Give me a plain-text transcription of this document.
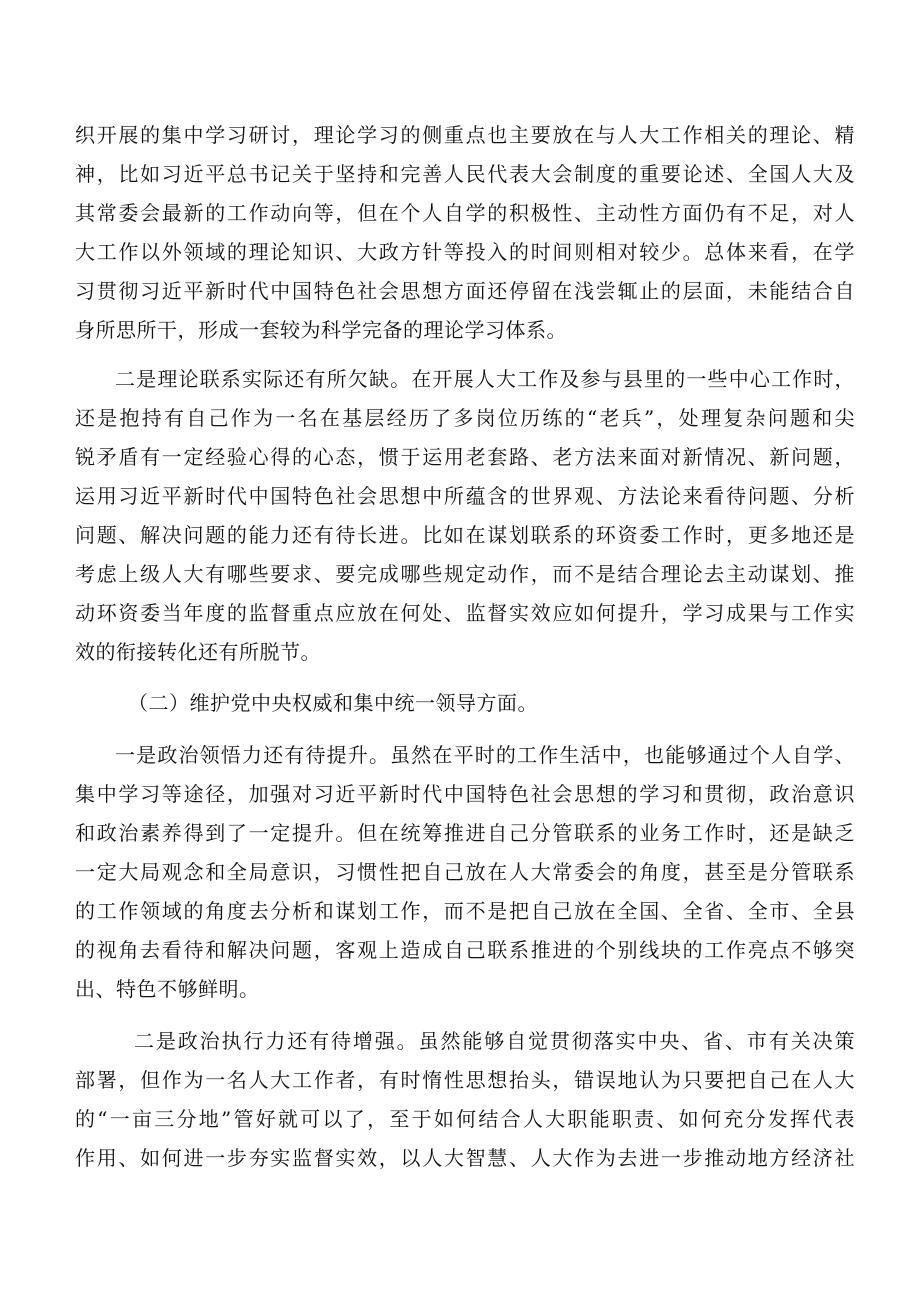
织开展的集中学习研讨，理论学习的侧重点也主要放在与人大工作相关的理论、精
神，比如习近平总书记关于坚持和完善人民代表大会制度的重要论述、全国人大及
其常委会最新的工作动向等，但在个人自学的积极性、主动性方面仍有不足，对人
大工作以外领域的理论知识、大政方针等投入的时间则相对较少。总体来看，在学
习贯彻习近平新时代中国特色社会思想方面还停留在浅尝辄止的层面，未能结合自
身所思所干，形成一套较为科学完备的理论学习体系。
二是理论联系实际还有所欠缺。在开展人大工作及参与县里的一些中心工作时，
还是抱持有自己作为一名在基层经历了多岗位历练的“老兵”，处理复杂问题和尖
锐矛盾有一定经验心得的心态，惯于运用老套路、老方法来面对新情况、新问题，
运用习近平新时代中国特色社会思想中所蕴含的世界观、方法论来看待问题、分析
问题、解决问题的能力还有待长进。比如在谋划联系的环资委工作时，更多地还是
考虑上级人大有哪些要求、要完成哪些规定动作，而不是结合理论去主动谋划、推
动环资委当年度的监督重点应放在何处、监督实效应如何提升，学习成果与工作实
效的衔接转化还有所脱节。
（二）维护党中央权威和集中统一领导方面。
一是政治领悟力还有待提升。虽然在平时的工作生活中，也能够通过个人自学、
集中学习等途径，加强对习近平新时代中国特色社会思想的学习和贯彻，政治意识
和政治素养得到了一定提升。但在统筹推进自己分管联系的业务工作时，还是缺乏
一定大局观念和全局意识，习惯性把自己放在人大常委会的角度，甚至是分管联系
的工作领域的角度去分析和谋划工作，而不是把自己放在全国、全省、全市、全县
的视角去看待和解决问题，客观上造成自己联系推进的个别线块的工作亮点不够突
出、特色不够鲜明。
二是政治执行力还有待增强。虽然能够自觉贯彻落实中央、省、市有关决策
部署，但作为一名人大工作者，有时惰性思想抬头，错误地认为只要把自己在人大
的“一亩三分地”管好就可以了，至于如何结合人大职能职责、如何充分发挥代表
作用、如何进一步夯实监督实效，以人大智慧、人大作为去进一步推动地方经济社
